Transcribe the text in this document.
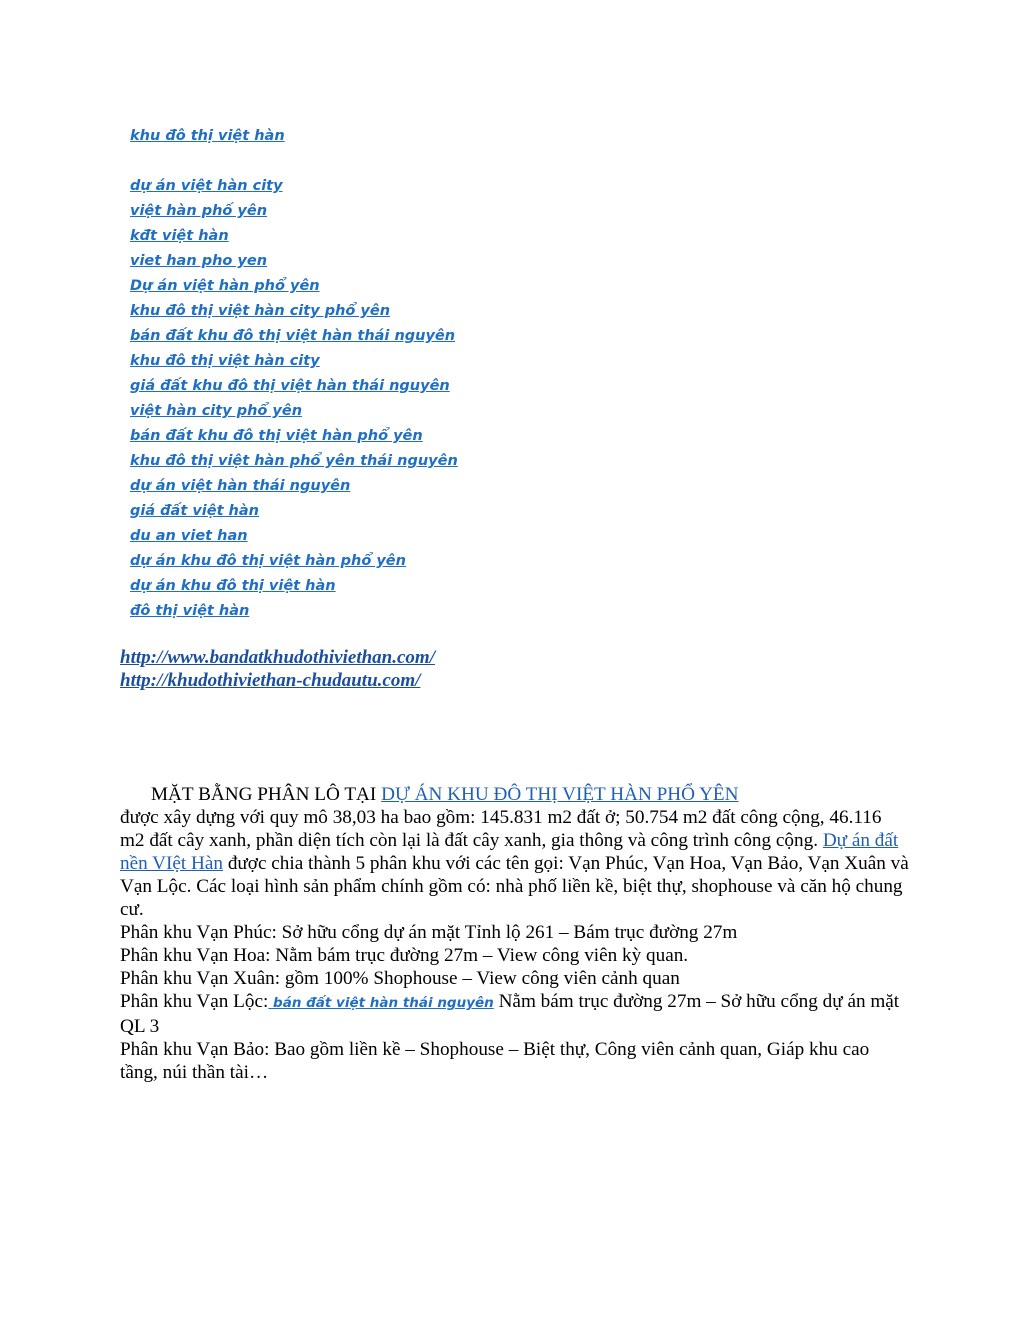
khu đô thị việt hàn
dự án việt hàn city
việt hàn phố yên
kđt việt hàn
viet han pho yen
Dự án việt hàn phổ yên
khu đô thị việt hàn city phổ yên
bán đất khu đô thị việt hàn thái nguyên
khu đô thị việt hàn city
giá đất khu đô thị việt hàn thái nguyên
việt hàn city phổ yên
bán đất khu đô thị việt hàn phổ yên
khu đô thị việt hàn phổ yên thái nguyên
dự án việt hàn thái nguyên
giá đất việt hàn
du an viet han
dự án khu đô thị việt hàn phổ yên
dự án khu đô thị việt hàn
đô thị việt hàn
http://www.bandatkhudothiviethan.com/
http://khudothiviethan-chudautu.com/

MẶT BẰNG PHÂN LÔ TẠI DỰ ÁN KHU ĐÔ THỊ VIỆT HÀN PHỔ YÊN

được xây dựng với quy mô 38,03 ha bao gồm: 145.831 m2 đất ở; 50.754 m2 đất công cộng, 46.116 m2 đất cây xanh, phần diện tích còn lại là đất cây xanh, gia thông và công trình công cộng. Dự án đất nền VIệt Hàn được chia thành 5 phân khu với các tên gọi: Vạn Phúc, Vạn Hoa, Vạn Bảo, Vạn Xuân và Vạn Lộc. Các loại hình sản phẩm chính gồm có: nhà phố liền kề, biệt thự, shophouse và căn hộ chung cư.

Phân khu Vạn Phúc: Sở hữu cổng dự án mặt Tỉnh lộ 261 – Bám trục đường 27m

Phân khu Vạn Hoa: Nằm bám trục đường 27m – View công viên kỳ quan.

Phân khu Vạn Xuân: gồm 100% Shophouse – View công viên cảnh quan

Phân khu Vạn Lộc: bán đất việt hàn thái nguyên Nằm bám trục đường 27m – Sở hữu cổng dự án mặt QL 3

Phân khu Vạn Bảo: Bao gồm liền kề – Shophouse – Biệt thự, Công viên cảnh quan, Giáp khu cao tầng, núi thần tài…
